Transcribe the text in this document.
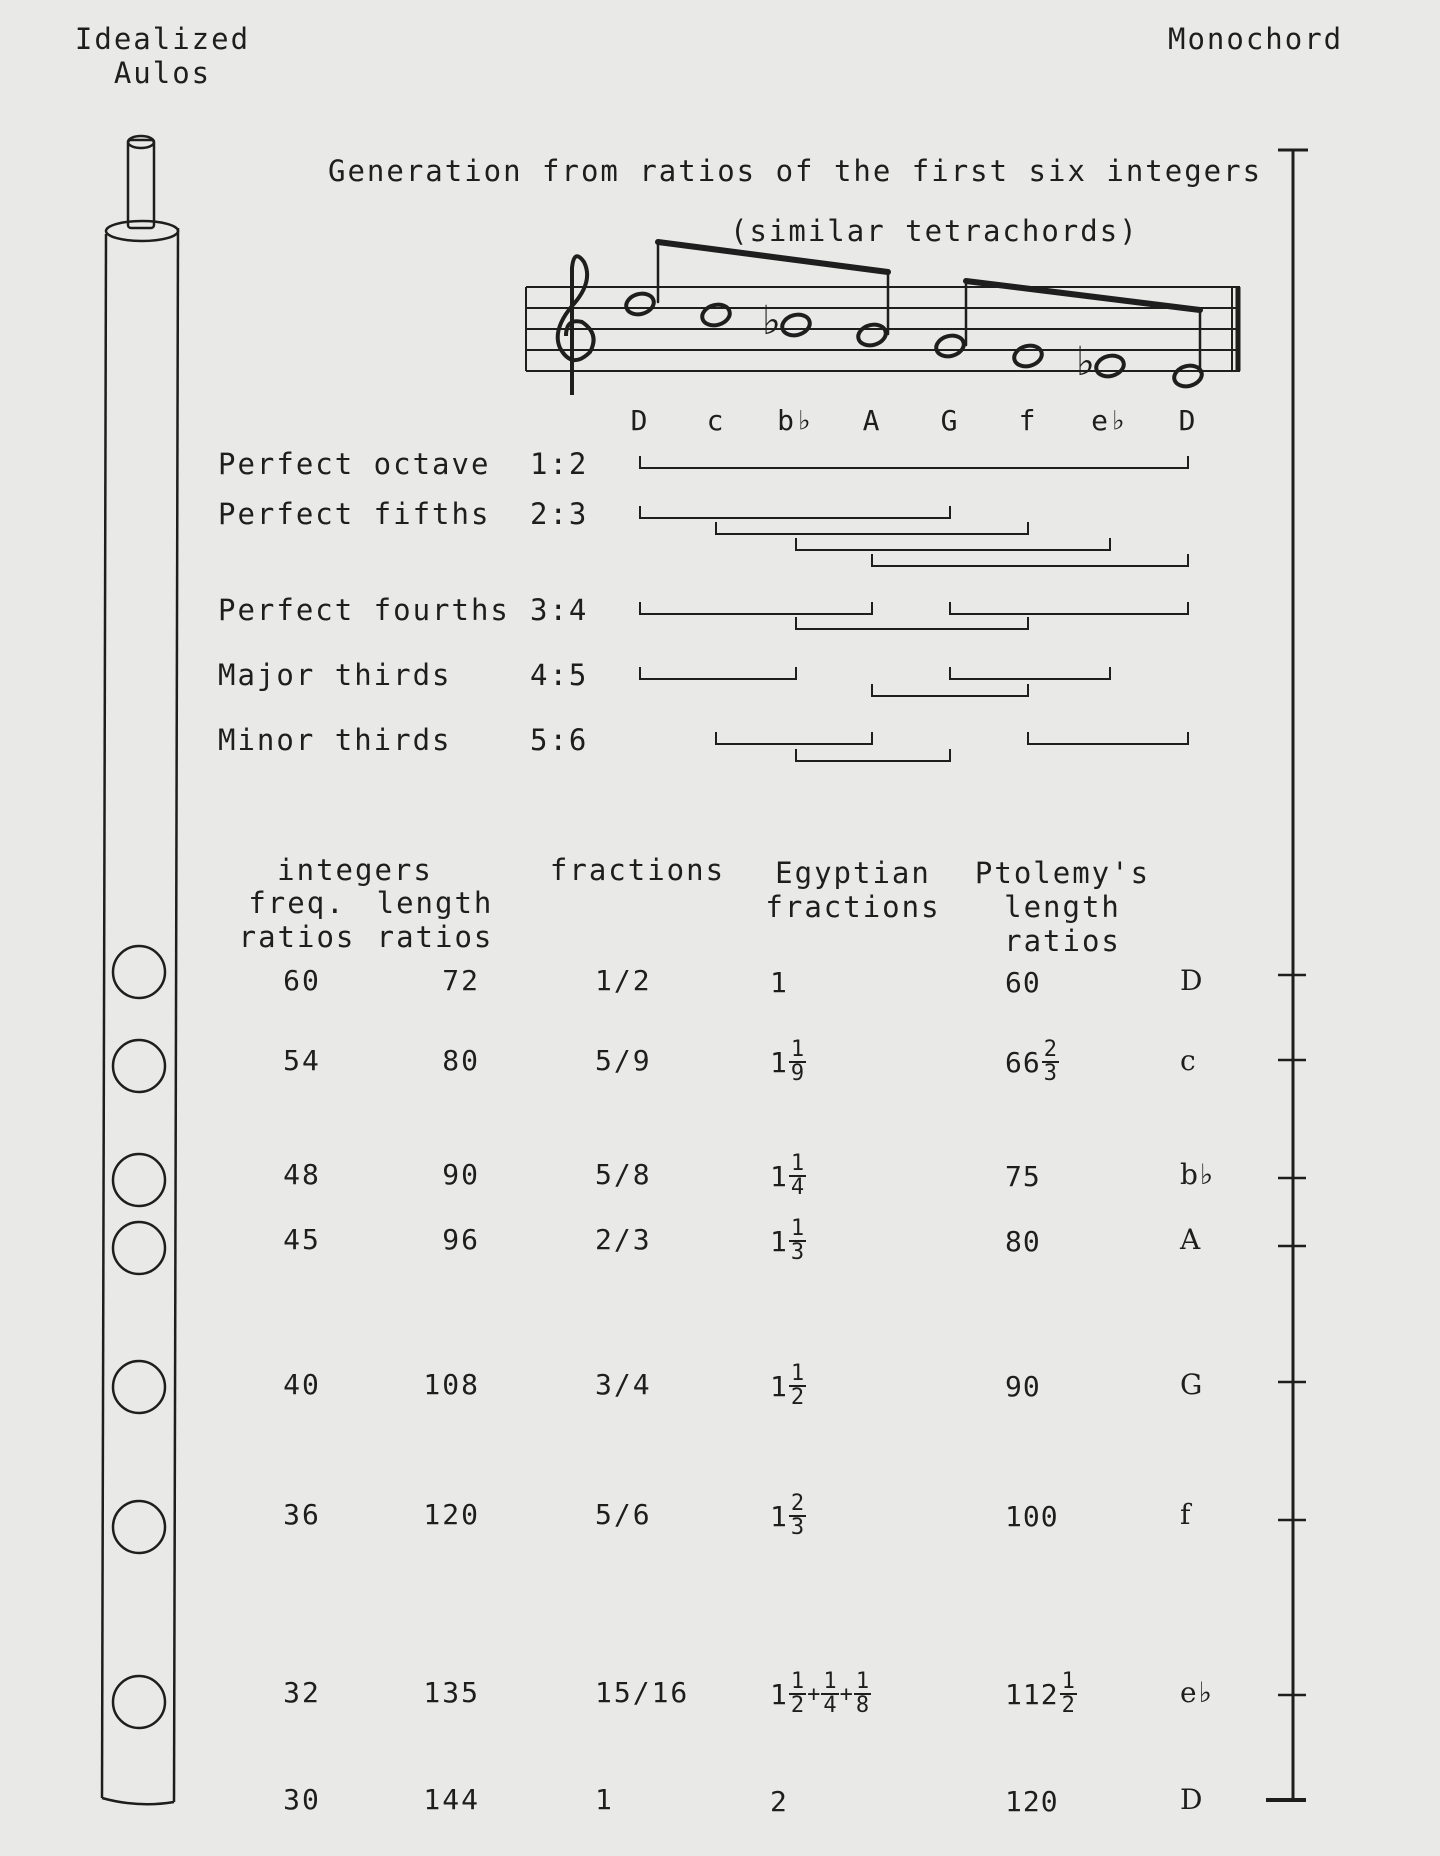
Idealized
Aulos
Monochord
Generation from ratios of the first six integers
(similar tetrachords)
♭
♭
D	c	b♭	A	G	f	e♭	D
Perfect octave 1:2
Perfect fifths 2:3
Perfect fourths 3:4
Major thirds	4:5
Minor thirds	5:6
integers
freq.
ratios
length
ratios
fractions	Egyptian
fractions
Ptolemy's
length
ratios
60	72	1/2	1	60	D
54	80	5/9	$1 \frac{1}{9}$	$66 \frac{2}{3}$	c
48	90	5/8	$1 \frac{1}{4}$	75	b♭
45	96	2/3	$1 \frac{1}{3}$	80	A
40	108	3/4	$1 \frac{1}{2}$	90	G
36	120	5/6	$1 \frac{2}{3}$	100	f
32	135	15/16	$1 \frac{1}{2} + \frac{1}{4} + \frac{1}{8}$	$112 \frac{1}{2}$	e♭
30	144	1	2	120	D
